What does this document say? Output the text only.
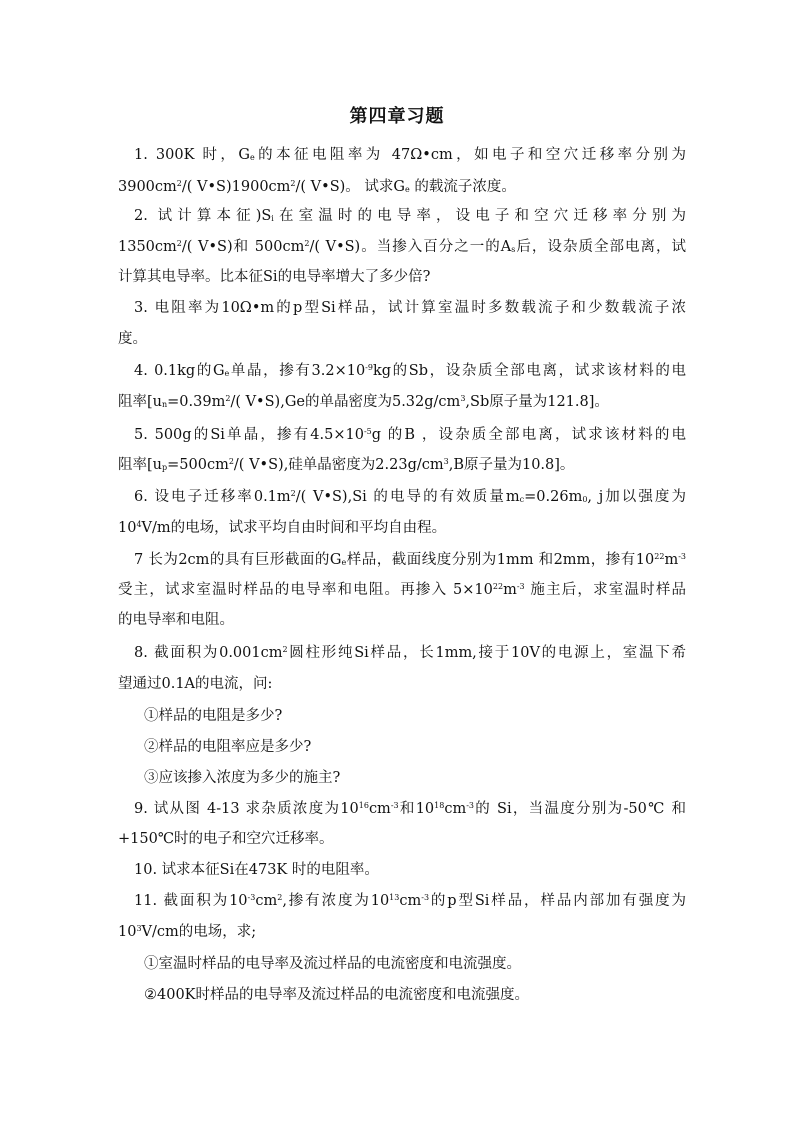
第四章习题
1. 300K 时，$G_e$的本征电阻率为 47Ω•cm，如电子和空穴迁移率分别为
$3900cm^2/$( $V•S)1900cm^2/$( V•S)。 试求$G_e$ 的载流子浓度。
2. 试计算本征)$S_i$在室温时的电导率，设电子和空穴迁移率分别为
$1350cm^2/$( V•S)和 $500cm^2/$( V•S)。当掺入百分之一的$A_s$后，设杂质全部电离，试
计算其电导率。比本征Si的电导率增大了多少倍?
3. 电阻率为10Ω•m的p型Si样品，试计算室温时多数载流子和少数载流子浓
度。
4. 0.1kg的$G_e$单晶，掺有$3.2\times 10^{-9}kg$的Sb，设杂质全部电离，试求该材料的电
阻率[$u_n=0.39m^2/$( V•S),Ge的单晶密度为$5.32g/cm^3,Sb$原子量为121.8]。
5. 500g的Si单晶，掺有$4.5\times 10^{-5}g$ 的B ，设杂质全部电离，试求该材料的电
阻率[$u_p=500cm^2/$( V•S),硅单晶密度为$2.23g/cm^3,B$原子量为10.8]。
6. 设电子迁移率$0.1m^2/$( V•S),Si 的电导的有效质量$m_c=0.26m_0$, j加以强度为
$10^4V/m$的电场，试求平均自由时间和平均自由程。
7 长为2cm的具有巨形截面的$G_e$样品，截面线度分别为1mm 和2mm，掺有$10^{22}m^{-3}$
受主，试求室温时样品的电导率和电阻。再掺入 $5\times 10^{22}m^{-3}$ 施主后，求室温时样品
的电导率和电阻。
8. 截面积为$0.001cm^2$圆柱形纯Si样品，长1mm,接于10V的电源上，室温下希
望通过0.1A的电流，问:
①样品的电阻是多少?
②样品的电阻率应是多少?
③应该掺入浓度为多少的施主?
9. 试从图 4-13 求杂质浓度为$10^{16}cm^{-3}$和$10^{18}cm^{-3}$的 Si，当温度分别为-50℃ 和
+150℃时的电子和空穴迁移率。
10. 试求本征Si在473K 时的电阻率。
11. 截面积为$10^{-3}cm^2$,掺有浓度为$10^{13}cm^{-3}$的p型Si样品，样品内部加有强度为
$10^3V/cm$的电场，求;
①室温时样品的电导率及流过样品的电流密度和电流强度。
②400K时样品的电导率及流过样品的电流密度和电流强度。
